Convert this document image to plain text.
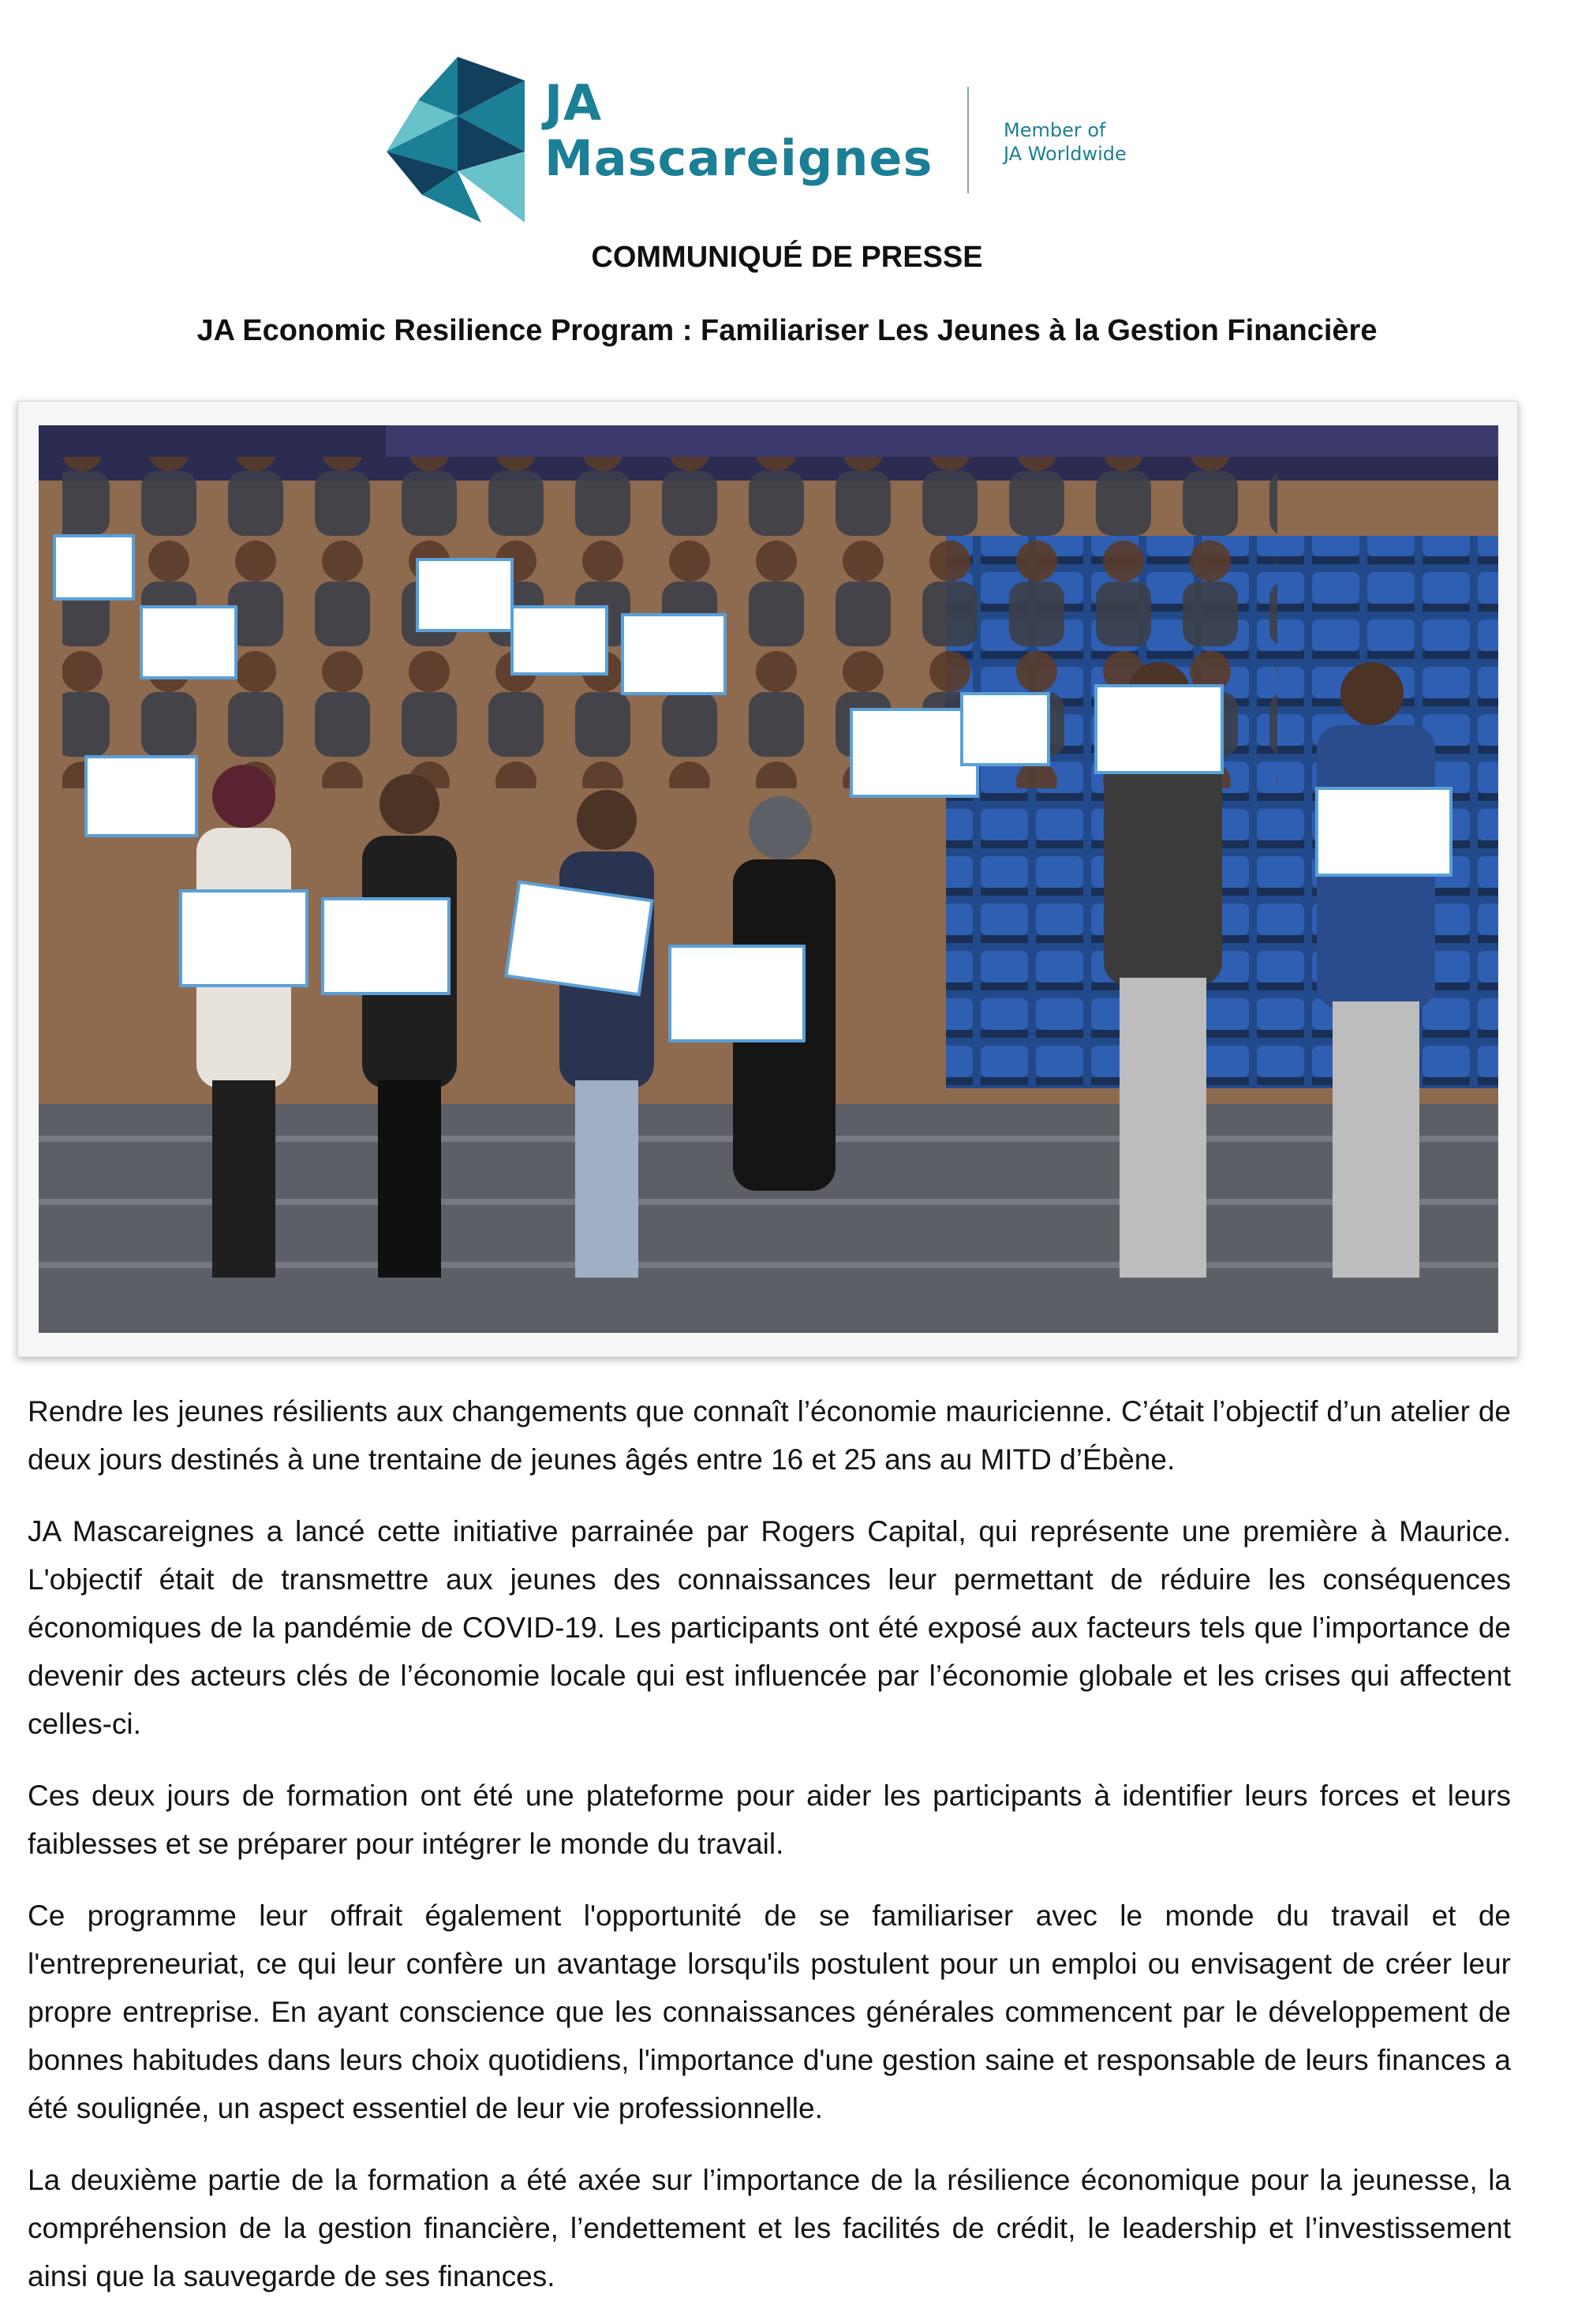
JA
Mascareignes	Member of
JA Worldwide
COMMUNIQUÉ DE PRESSE
JA Economic Resilience Program : Familiariser Les Jeunes à la Gestion Financière

Rendre les jeunes résilients aux changements que connaît l’économie mauricienne. C’était l’objectif d’un atelier de deux jours destinés à une trentaine de jeunes âgés entre 16 et 25 ans au MITD d’Ébène.

JA Mascareignes a lancé cette initiative parrainée par Rogers Capital, qui représente une première à Maurice. L'objectif était de transmettre aux jeunes des connaissances leur permettant de réduire les conséquences économiques de la pandémie de COVID-19. Les participants ont été exposé aux facteurs tels que l’importance de devenir des acteurs clés de l’économie locale qui est influencée par l’économie globale et les crises qui affectent celles-ci.

Ces deux jours de formation ont été une plateforme pour aider les participants à identifier leurs forces et leurs faiblesses et se préparer pour intégrer le monde du travail.

Ce programme leur offrait également l'opportunité de se familiariser avec le monde du travail et de l'entrepreneuriat, ce qui leur confère un avantage lorsqu'ils postulent pour un emploi ou envisagent de créer leur propre entreprise. En ayant conscience que les connaissances générales commencent par le développement de bonnes habitudes dans leurs choix quotidiens, l'importance d'une gestion saine et responsable de leurs finances a été soulignée, un aspect essentiel de leur vie professionnelle.

La deuxième partie de la formation a été axée sur l’importance de la résilience économique pour la jeunesse, la compréhension de la gestion financière, l’endettement et les facilités de crédit, le leadership et l’investissement ainsi que la sauvegarde de ses finances.
